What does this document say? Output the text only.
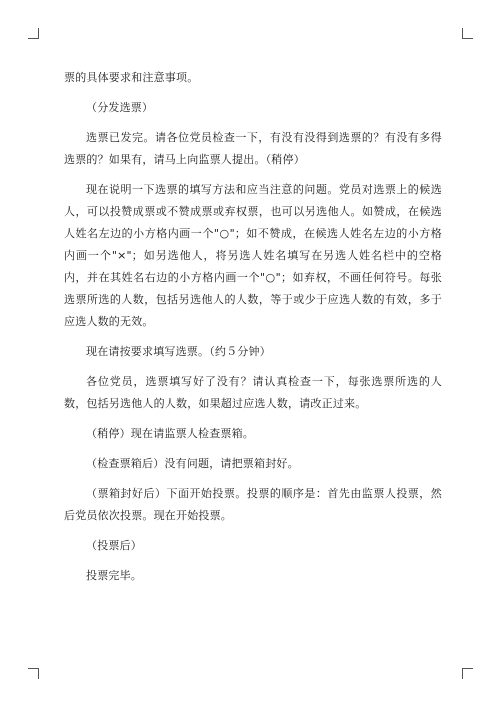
票的具体要求和注意事项。

（分发选票）

选票已发完。请各位党员检查一下，有没有没得到选票的？有没有多得选票的？如果有，请马上向监票人提出。（稍停）

现在说明一下选票的填写方法和应当注意的问题。党员对选票上的候选人，可以投赞成票或不赞成票或弃权票，也可以另选他人。如赞成，在候选人姓名左边的小方格内画一个"○"；如不赞成，在候选人姓名左边的小方格内画一个"×"；如另选他人，将另选人姓名填写在另选人姓名栏中的空格内，并在其姓名右边的小方格内画一个"○"；如弃权，不画任何符号。每张选票所选的人数，包括另选他人的人数，等于或少于应选人数的有效，多于应选人数的无效。

现在请按要求填写选票。（约５分钟）

各位党员，选票填写好了没有？请认真检查一下，每张选票所选的人数，包括另选他人的人数，如果超过应选人数，请改正过来。

（稍停）现在请监票人检查票箱。

（检查票箱后）没有问题，请把票箱封好。

（票箱封好后）下面开始投票。投票的顺序是：首先由监票人投票，然后党员依次投票。现在开始投票。

（投票后）

投票完毕。
